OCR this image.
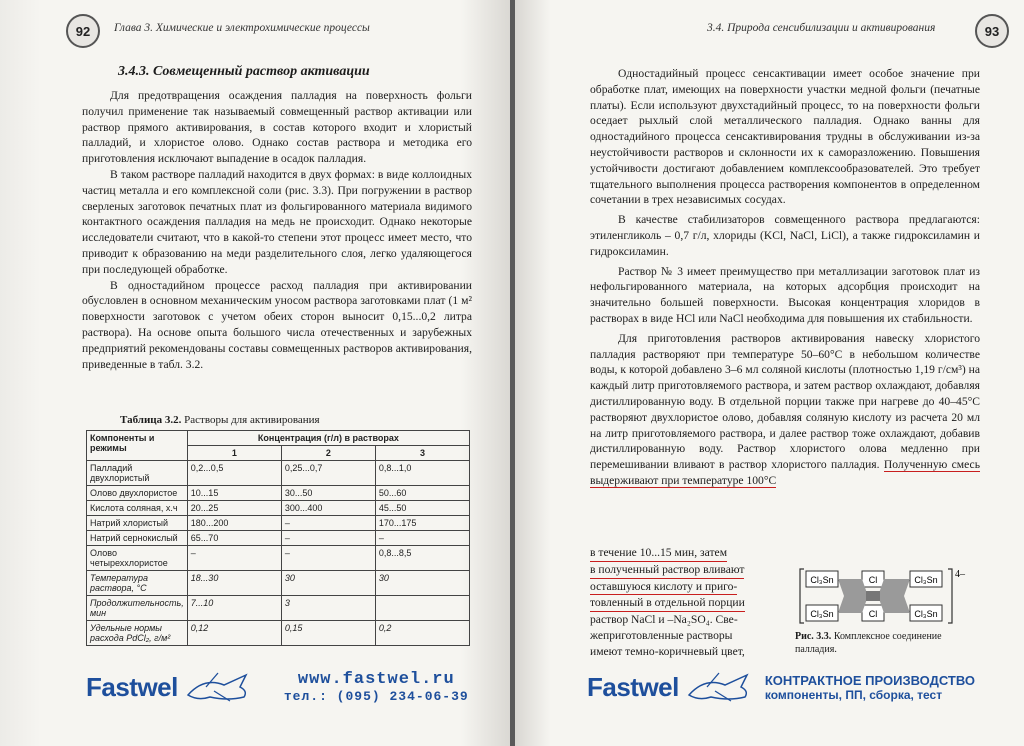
92	Глава 3. Химические и электрохимические процессы
3.4.3. Совмещенный раствор активации

Для предотвращения осаждения палладия на поверхность фольги получил применение так называемый совмещенный раствор активации или раствор прямого активирования, в состав которого входит и хлористый палладий, и хлористое олово. Однако состав раствора и методика его приготовления исключают выпадение в осадок палладия.

В таком растворе палладий находится в двух формах: в виде коллоидных частиц металла и его комплексной соли (рис. 3.3). При погружении в раствор сверленых заготовок печатных плат из фольгированного материала видимого контактного осаждения палладия на медь не происходит. Однако некоторые исследователи считают, что в какой-то степени этот процесс имеет место, что приводит к образованию на меди разделительного слоя, легко удаляющегося при последующей обработке.

В одностадийном процессе расход палладия при активировании обусловлен в основном механическим уносом раствора заготовками плат (1 м² поверхности заготовок с учетом обеих сторон выносит 0,15...0,2 литра раствора). На основе опыта большого числа отечественных и зарубежных предприятий рекомендованы составы совмещенных растворов активирования, приведенные в табл. 3.2.

Таблица 3.2. Растворы для активирования
Компоненты и режимы	Концентрация (г/л) в растворах		
	1	2	3
Палладий двухлористый	0,2...0,5	0,25...0,7	0,8...1,0
Олово двухлористое	10...15	30...50	50...60
Кислота соляная, х.ч	20...25	300...400	45...50
Натрий хлористый	180...200	–	170...175
Натрий сернокислый	65...70	–	–
Олово четыреххлористое	–	–	0,8...8,5
Температура раствора, °С	18...30	30	30
Продолжительность, мин	7...10	3	
Удельные нормы расхода PdCl₂, г/м²	0,12	0,15	0,2
Fastwel	www.fastwel.ru
тел.: (095) 234-06-39
3.4. Природа сенсибилизации и активирования	93

Одностадийный процесс сенсактивации имеет особое значение при обработке плат, имеющих на поверхности участки медной фольги (печатные платы). Если используют двухстадийный процесс, то на поверхности фольги оседает рыхлый слой металлического палладия. Однако ванны для одностадийного процесса сенсактивирования трудны в обслуживании из-за неустойчивости растворов и склонности их к саморазложению. Повышения устойчивости достигают добавлением комплексообразователей. Это требует тщательного выполнения процесса растворения компонентов в определенном сочетании в трех независимых сосудах.

В качестве стабилизаторов совмещенного раствора предлагаются: этиленгликоль – 0,7 г/л, хлориды (KCl, NaCl, LiCl), а также гидроксиламин и гидроксиламин.

Раствор № 3 имеет преимущество при металлизации заготовок плат из нефольгированного материала, на которых адсорбция происходит на значительно большей поверхности. Высокая концентрация хлоридов в растворах в виде НCl или NaCl необходима для повышения их стабильности.

Для приготовления растворов активирования навеску хлористого палладия растворяют при температуре 50–60°С в небольшом количестве воды, к которой добавлено 3–6 мл соляной кислоты (плотностью 1,19 г/см³) на каждый литр приготовляемого раствора, и затем раствор охлаждают, добавляя дистиллированную воду. В отдельной порции также при нагреве до 40–45°С растворяют двухлористое олово, добавляя соляную кислоту из расчета 20 мл на литр приготовляемого раствора, и далее раствор тоже охлаждают, добавив дистиллированную воду. Раствор хлористого олова медленно при перемешивании вливают в раствор хлористого палладия. Полученную смесь выдерживают при температуре 100°С

в течение 10...15 мин, затем
в полученный раствор вливают
оставшуюся кислоту и приго-
товленный в отдельной порции
раствор NaCl и –Na₂SO₄. Све-
жеприготовленные растворы
имеют темно-коричневый цвет,
Cl₃Sn
Cl₃Sn
Cl
Cl
Cl₃Sn
Cl₃Sn
4–
Рис. 3.3. Комплексное соединение палладия.
Fastwel	КОНТРАКТНОЕ ПРОИЗВОДСТВО
компоненты, ПП, сборка, тест
